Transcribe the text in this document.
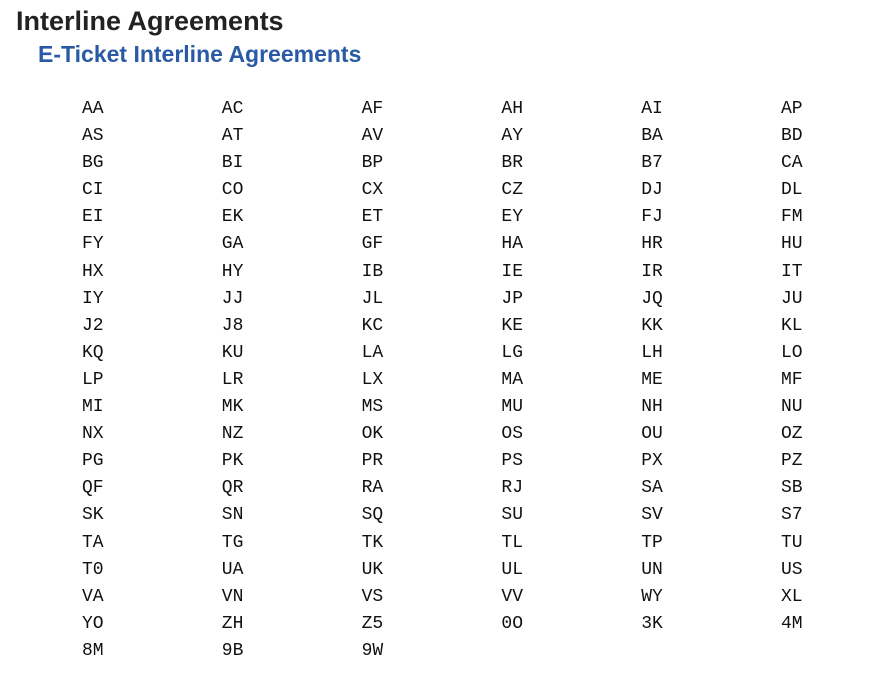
Interline Agreements
E-Ticket Interline Agreements
AA	AC	AF	AH	AI	AP
AS	AT	AV	AY	BA	BD
BG	BI	BP	BR	B7	CA
CI	CO	CX	CZ	DJ	DL
EI	EK	ET	EY	FJ	FM
FY	GA	GF	HA	HR	HU
HX	HY	IB	IE	IR	IT
IY	JJ	JL	JP	JQ	JU
J2	J8	KC	KE	KK	KL
KQ	KU	LA	LG	LH	LO
LP	LR	LX	MA	ME	MF
MI	MK	MS	MU	NH	NU
NX	NZ	OK	OS	OU	OZ
PG	PK	PR	PS	PX	PZ
QF	QR	RA	RJ	SA	SB
SK	SN	SQ	SU	SV	S7
TA	TG	TK	TL	TP	TU
T0	UA	UK	UL	UN	US
VA	VN	VS	VV	WY	XL
YO	ZH	Z5	0O	3K	4M
8M	9B	9W
